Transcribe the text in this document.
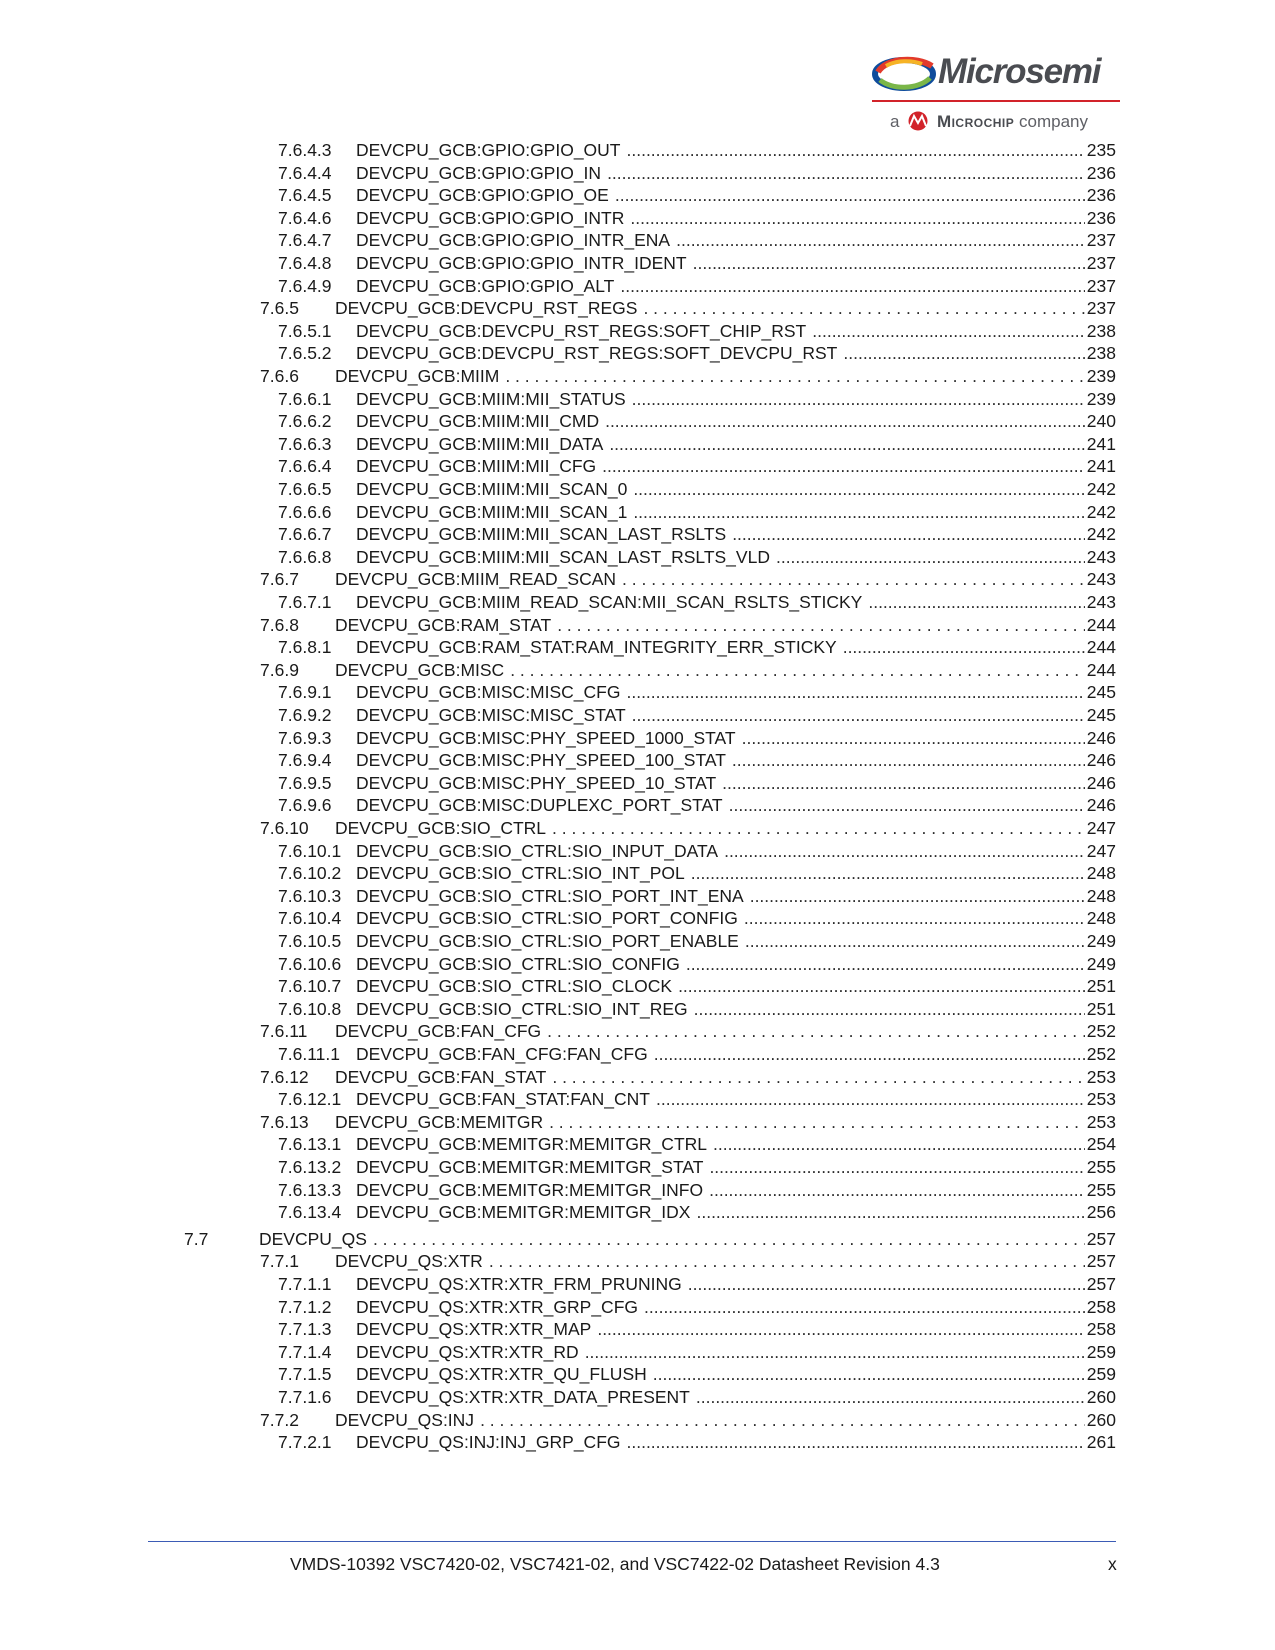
Microsemi
a Microchip company
7.6.4.3	DEVCPU_GCB:GPIO:GPIO_OUT .....	235
7.6.4.4	DEVCPU_GCB:GPIO:GPIO_IN .....	236
7.6.4.5	DEVCPU_GCB:GPIO:GPIO_OE .....	236
7.6.4.6	DEVCPU_GCB:GPIO:GPIO_INTR .....	236
7.6.4.7	DEVCPU_GCB:GPIO:GPIO_INTR_ENA .....	237
7.6.4.8	DEVCPU_GCB:GPIO:GPIO_INTR_IDENT .....	237
7.6.4.9	DEVCPU_GCB:GPIO:GPIO_ALT .....	237
7.6.5	DEVCPU_GCB:DEVCPU_RST_REGS . . .	237
7.6.5.1	DEVCPU_GCB:DEVCPU_RST_REGS:SOFT_CHIP_RST .....	238
7.6.5.2	DEVCPU_GCB:DEVCPU_RST_REGS:SOFT_DEVCPU_RST .....	238
7.6.6	DEVCPU_GCB:MIIM . . .	239
7.6.6.1	DEVCPU_GCB:MIIM:MII_STATUS .....	239
7.6.6.2	DEVCPU_GCB:MIIM:MII_CMD .....	240
7.6.6.3	DEVCPU_GCB:MIIM:MII_DATA .....	241
7.6.6.4	DEVCPU_GCB:MIIM:MII_CFG .....	241
7.6.6.5	DEVCPU_GCB:MIIM:MII_SCAN_0 .....	242
7.6.6.6	DEVCPU_GCB:MIIM:MII_SCAN_1 .....	242
7.6.6.7	DEVCPU_GCB:MIIM:MII_SCAN_LAST_RSLTS .....	242
7.6.6.8	DEVCPU_GCB:MIIM:MII_SCAN_LAST_RSLTS_VLD .....	243
7.6.7	DEVCPU_GCB:MIIM_READ_SCAN . . .	243
7.6.7.1	DEVCPU_GCB:MIIM_READ_SCAN:MII_SCAN_RSLTS_STICKY .....	243
7.6.8	DEVCPU_GCB:RAM_STAT . . .	244
7.6.8.1	DEVCPU_GCB:RAM_STAT:RAM_INTEGRITY_ERR_STICKY .....	244
7.6.9	DEVCPU_GCB:MISC . . .	244
7.6.9.1	DEVCPU_GCB:MISC:MISC_CFG .....	245
7.6.9.2	DEVCPU_GCB:MISC:MISC_STAT .....	245
7.6.9.3	DEVCPU_GCB:MISC:PHY_SPEED_1000_STAT .....	246
7.6.9.4	DEVCPU_GCB:MISC:PHY_SPEED_100_STAT .....	246
7.6.9.5	DEVCPU_GCB:MISC:PHY_SPEED_10_STAT .....	246
7.6.9.6	DEVCPU_GCB:MISC:DUPLEXC_PORT_STAT .....	246
7.6.10	DEVCPU_GCB:SIO_CTRL . . .	247
7.6.10.1 DEVCPU_GCB:SIO_CTRL:SIO_INPUT_DATA .....	247
7.6.10.2 DEVCPU_GCB:SIO_CTRL:SIO_INT_POL .....	248
7.6.10.3 DEVCPU_GCB:SIO_CTRL:SIO_PORT_INT_ENA .....	248
7.6.10.4 DEVCPU_GCB:SIO_CTRL:SIO_PORT_CONFIG .....	248
7.6.10.5 DEVCPU_GCB:SIO_CTRL:SIO_PORT_ENABLE .....	249
7.6.10.6 DEVCPU_GCB:SIO_CTRL:SIO_CONFIG .....	249
7.6.10.7 DEVCPU_GCB:SIO_CTRL:SIO_CLOCK .....	251
7.6.10.8 DEVCPU_GCB:SIO_CTRL:SIO_INT_REG .....	251
7.6.11	DEVCPU_GCB:FAN_CFG . . .	252
7.6.11.1 DEVCPU_GCB:FAN_CFG:FAN_CFG .....	252
7.6.12	DEVCPU_GCB:FAN_STAT . . .	253
7.6.12.1 DEVCPU_GCB:FAN_STAT:FAN_CNT .....	253
7.6.13	DEVCPU_GCB:MEMITGR . . .	253
7.6.13.1 DEVCPU_GCB:MEMITGR:MEMITGR_CTRL .....	254
7.6.13.2 DEVCPU_GCB:MEMITGR:MEMITGR_STAT .....	255
7.6.13.3 DEVCPU_GCB:MEMITGR:MEMITGR_INFO .....	255
7.6.13.4 DEVCPU_GCB:MEMITGR:MEMITGR_IDX .....	256
7.7	DEVCPU_QS . . .	257
7.7.1	DEVCPU_QS:XTR . . .	257
7.7.1.1	DEVCPU_QS:XTR:XTR_FRM_PRUNING .....	257
7.7.1.2	DEVCPU_QS:XTR:XTR_GRP_CFG .....	258
7.7.1.3	DEVCPU_QS:XTR:XTR_MAP .....	258
7.7.1.4	DEVCPU_QS:XTR:XTR_RD .....	259
7.7.1.5	DEVCPU_QS:XTR:XTR_QU_FLUSH .....	259
7.7.1.6	DEVCPU_QS:XTR:XTR_DATA_PRESENT .....	260
7.7.2	DEVCPU_QS:INJ . . .	260
7.7.2.1	DEVCPU_QS:INJ:INJ_GRP_CFG .....	261
VMDS-10392 VSC7420-02, VSC7421-02, and VSC7422-02 Datasheet Revision 4.3	x
